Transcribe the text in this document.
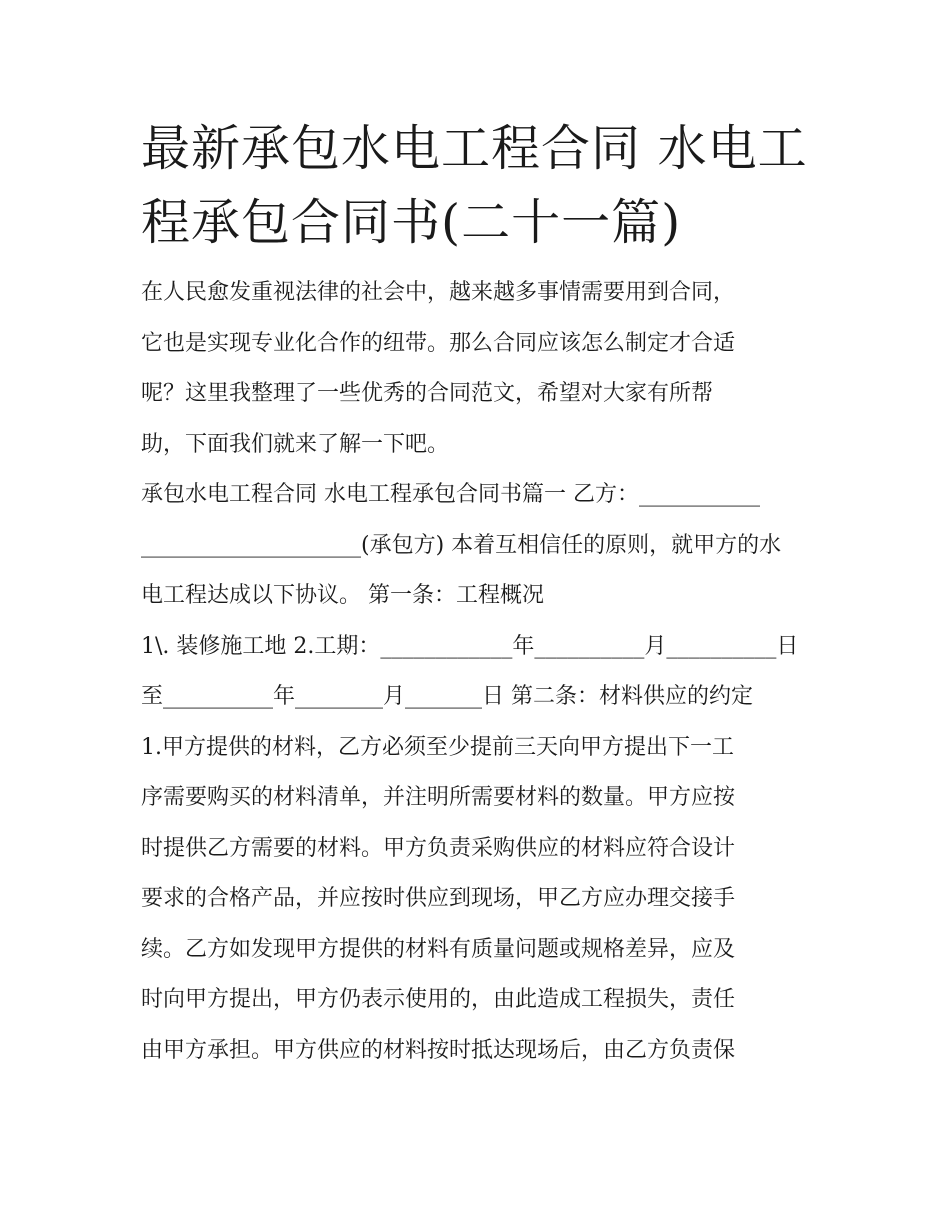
最新承包水电工程合同 水电工
程承包合同书(二十一篇)

在人民愈发重视法律的社会中，越来越多事情需要用到合同，
它也是实现专业化合作的纽带。那么合同应该怎么制定才合适
呢？这里我整理了一些优秀的合同范文，希望对大家有所帮
助，下面我们就来了解一下吧。

承包水电工程合同 水电工程承包合同书篇一 乙方：___________
____________________(承包方) 本着互相信任的原则，就甲方的水
电工程达成以下协议。 第一条：工程概况

1\. 装修施工地 2.工期：____________年__________月__________日
至__________年________月_______日 第二条：材料供应的约定

1.甲方提供的材料，乙方必须至少提前三天向甲方提出下一工
序需要购买的材料清单，并注明所需要材料的数量。甲方应按
时提供乙方需要的材料。甲方负责采购供应的材料应符合设计
要求的合格产品，并应按时供应到现场，甲乙方应办理交接手
续。乙方如发现甲方提供的材料有质量问题或规格差异，应及
时向甲方提出，甲方仍表示使用的，由此造成工程损失，责任
由甲方承担。甲方供应的材料按时抵达现场后，由乙方负责保
